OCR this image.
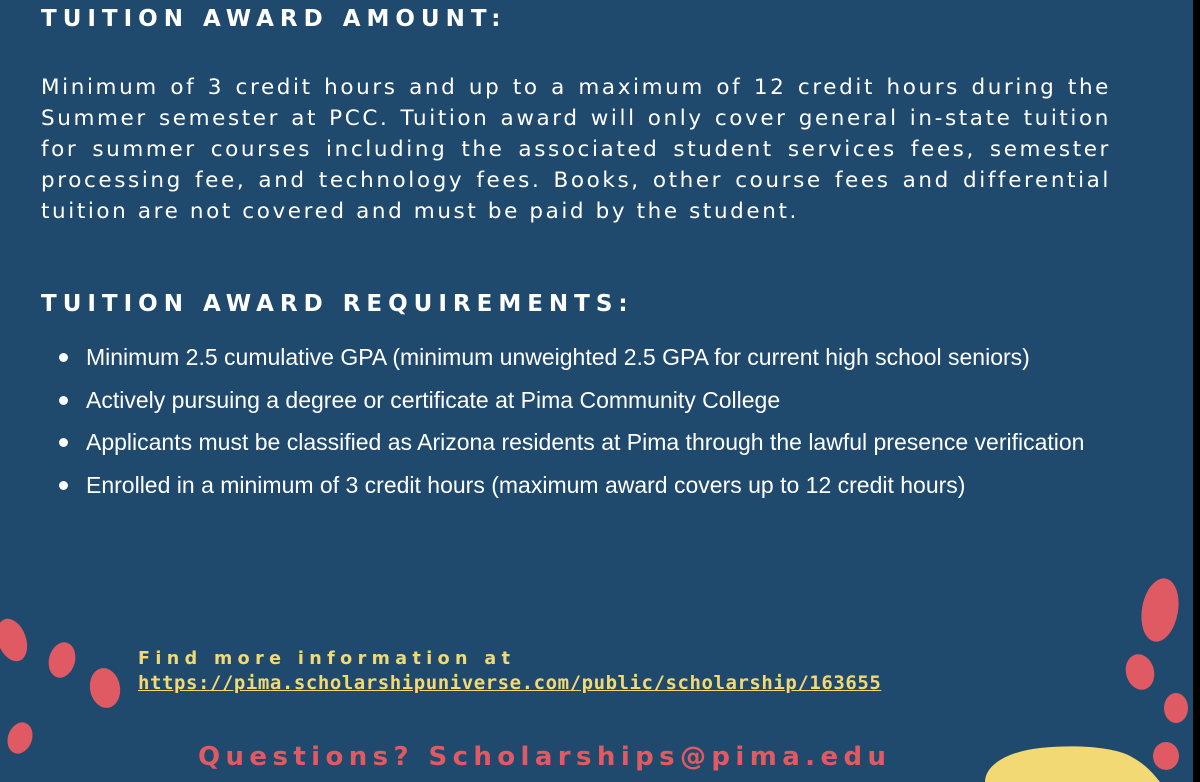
TUITION AWARD AMOUNT:

Minimum of 3 credit hours and up to a maximum of 12 credit hours during the Summer semester at PCC. Tuition award will only cover general in-state tuition for summer courses including the associated student services fees, semester processing fee, and technology fees. Books, other course fees and differential tuition are not covered and must be paid by the student.

TUITION AWARD REQUIREMENTS:
Minimum 2.5 cumulative GPA (minimum unweighted 2.5 GPA for current high school seniors)
Actively pursuing a degree or certificate at Pima Community College
Applicants must be classified as Arizona residents at Pima through the lawful presence verification
Enrolled in a minimum of 3 credit hours (maximum award covers up to 12 credit hours)
Find more information at
https://pima.scholarshipuniverse.com/public/scholarship/163655
Questions? Scholarships@pima.edu
